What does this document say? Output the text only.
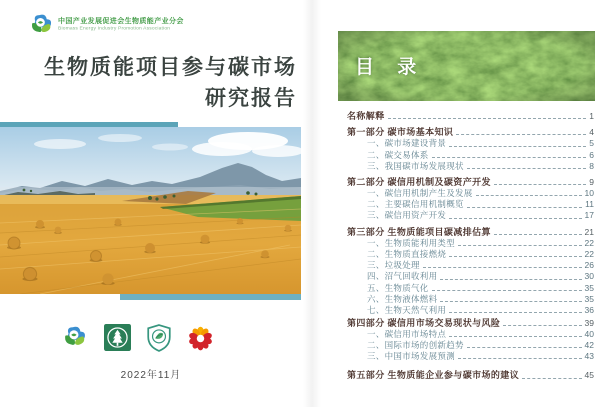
中国产业发展促进会生物质能产业分会
Biomass Energy Industry Promotion Association
生物质能项目参与碳市场
研究报告
2022年11月
目 录
名称解释	1
第一部分 碳市场基本知识	4
一、碳市场建设背景	5
二、碳交易体系	6
三、我国碳市场发展现状	8
第二部分 碳信用机制及碳资产开发	9
一、碳信用机制产生及发展	10
二、主要碳信用机制概览	11
三、碳信用资产开发	17
第三部分 生物质能项目碳减排估算	21
一、生物质能利用类型	22
二、生物质直接燃烧	22
三、垃圾处理	26
四、沼气回收利用	30
五、生物质气化	35
六、生物液体燃料	35
七、生物天然气利用	36
第四部分 碳信用市场交易现状与风险	39
一、碳信用市场特点	40
二、国际市场的创新趋势	42
三、中国市场发展预测	43
第五部分 生物质能企业参与碳市场的建议	45
